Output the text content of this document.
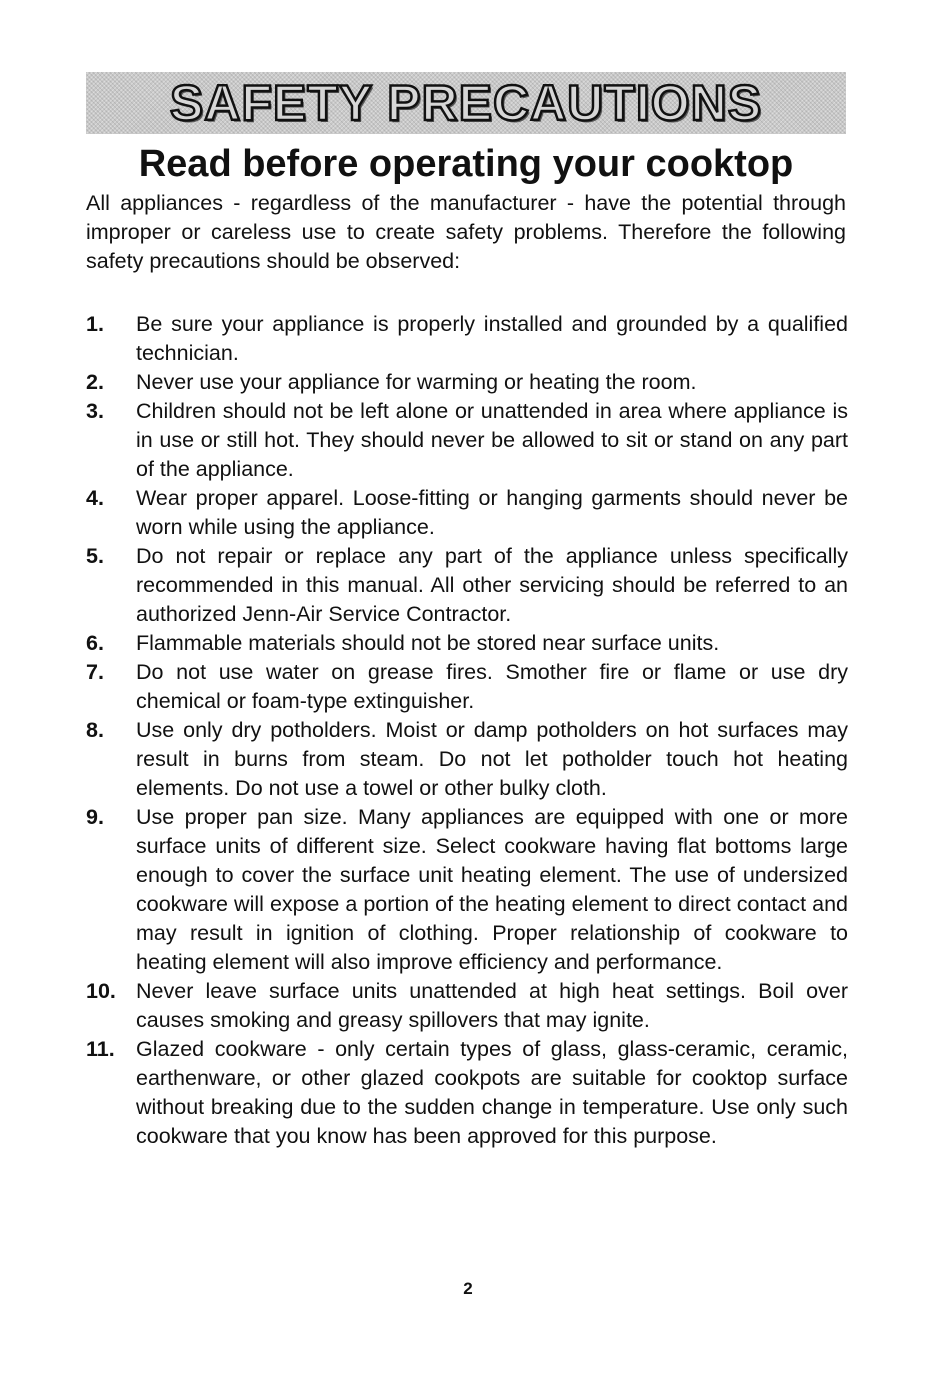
SAFETY PRECAUTIONS
Read before operating your cooktop

All appliances - regardless of the manufacturer - have the potential through improper or careless use to create safety problems. Therefore the following safety precautions should be observed:

1.	Be sure your appliance is properly installed and grounded by a qualified technician.
2.	Never use your appliance for warming or heating the room.
3.	Children should not be left alone or unattended in area where appliance is in use or still hot. They should never be allowed to sit or stand on any part of the appliance.
4.	Wear proper apparel. Loose-fitting or hanging garments should never be worn while using the appliance.
5.	Do not repair or replace any part of the appliance unless specifically recommended in this manual. All other servicing should be referred to an authorized Jenn-Air Service Contractor.
6.	Flammable materials should not be stored near surface units.
7.	Do not use water on grease fires. Smother fire or flame or use dry chemical or foam-type extinguisher.
8.	Use only dry potholders. Moist or damp potholders on hot surfaces may result in burns from steam. Do not let potholder touch hot heating elements. Do not use a towel or other bulky cloth.
9.	Use proper pan size. Many appliances are equipped with one or more surface units of different size. Select cookware having flat bottoms large enough to cover the surface unit heating element. The use of undersized cookware will expose a portion of the heating element to direct contact and may result in ignition of clothing. Proper relationship of cookware to heating element will also improve efficiency and performance.
10. Never leave surface units unattended at high heat settings. Boil over causes smoking and greasy spillovers that may ignite.
11. Glazed cookware - only certain types of glass, glass-ceramic, ceramic, earthenware, or other glazed cookpots are suitable for cooktop surface without breaking due to the sudden change in temperature. Use only such cookware that you know has been approved for this purpose.
2
